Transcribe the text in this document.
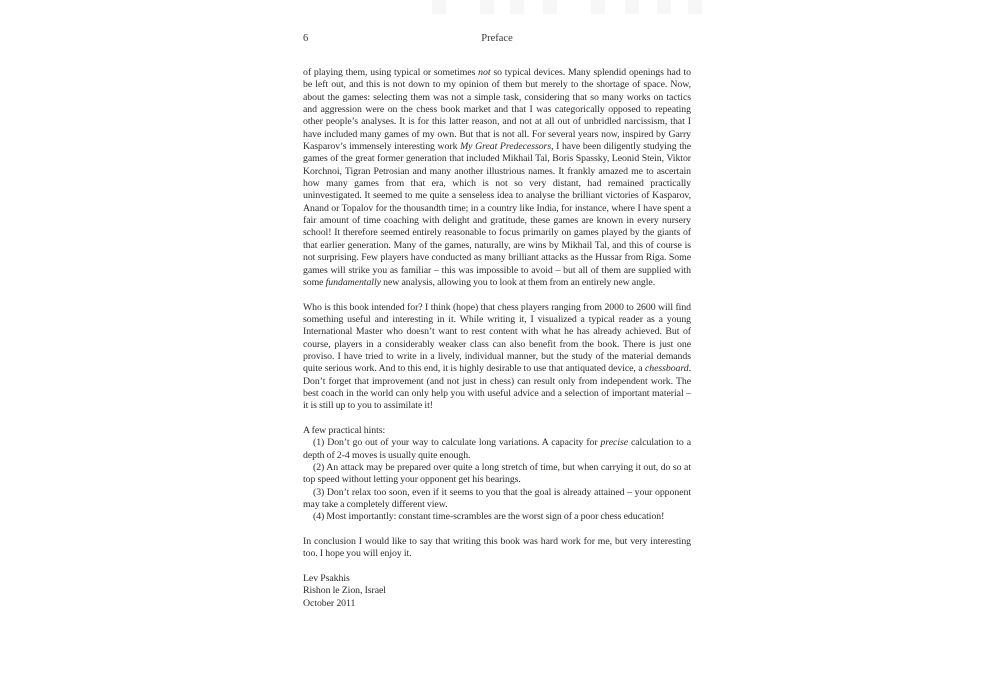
6	Preface

of playing them, using typical or sometimes not so typical devices. Many splendid openings had to be left out, and this is not down to my opinion of them but merely to the shortage of space. Now, about the games: selecting them was not a simple task, considering that so many works on tactics and aggression were on the chess book market and that I was categorically opposed to repeating other people’s analyses. It is for this latter reason, and not at all out of unbridled narcissism, that I have included many games of my own. But that is not all. For several years now, inspired by Garry Kasparov’s immensely interesting work My Great Predecessors, I have been diligently studying the games of the great former generation that included Mikhail Tal, Boris Spassky, Leonid Stein, Viktor Korchnoi, Tigran Petrosian and many another illustrious names. It frankly amazed me to ascertain how many games from that era, which is not so very distant, had remained practically uninvestigated. It seemed to me quite a senseless idea to analyse the brilliant victories of Kasparov, Anand or Topalov for the thousandth time; in a country like India, for instance, where I have spent a fair amount of time coaching with delight and gratitude, these games are known in every nursery school! It therefore seemed entirely reasonable to focus primarily on games played by the giants of that earlier generation. Many of the games, naturally, are wins by Mikhail Tal, and this of course is not surprising. Few players have conducted as many brilliant attacks as the Hussar from Riga. Some games will strike you as familiar – this was impossible to avoid – but all of them are supplied with some fundamentally new analysis, allowing you to look at them from an entirely new angle.

Who is this book intended for? I think (hope) that chess players ranging from 2000 to 2600 will find something useful and interesting in it. While writing it, I visualized a typical reader as a young International Master who doesn’t want to rest content with what he has already achieved. But of course, players in a considerably weaker class can also benefit from the book. There is just one proviso. I have tried to write in a lively, individual manner, but the study of the material demands quite serious work. And to this end, it is highly desirable to use that antiquated device, a chessboard. Don’t forget that improvement (and not just in chess) can result only from independent work. The best coach in the world can only help you with useful advice and a selection of important material – it is still up to you to assimilate it!

A few practical hints:

(1) Don’t go out of your way to calculate long variations. A capacity for precise calculation to a depth of 2-4 moves is usually quite enough.

(2) An attack may be prepared over quite a long stretch of time, but when carrying it out, do so at top speed without letting your opponent get his bearings.

(3) Don’t relax too soon, even if it seems to you that the goal is already attained – your opponent may take a completely different view.

(4) Most importantly: constant time-scrambles are the worst sign of a poor chess education!

In conclusion I would like to say that writing this book was hard work for me, but very interesting too. I hope you will enjoy it.

Lev Psakhis
Rishon le Zion, Israel
October 2011
